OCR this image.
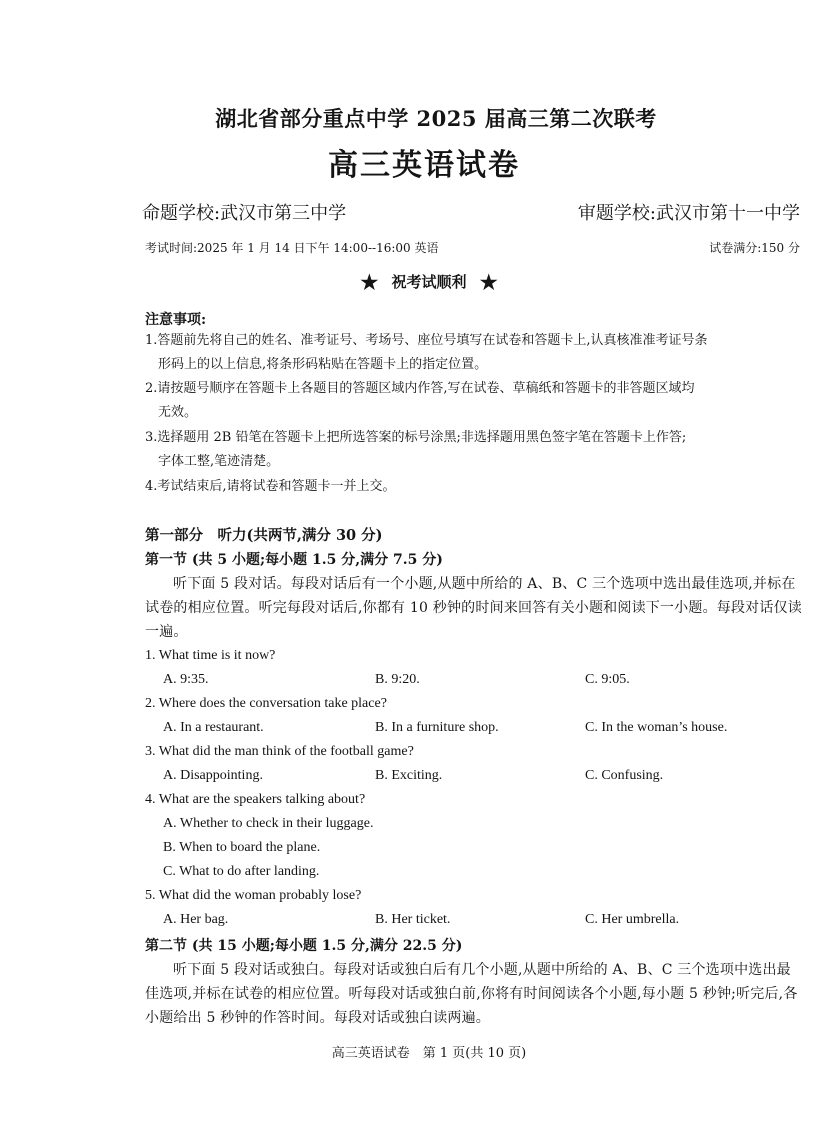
湖北省部分重点中学 2025 届高三第二次联考
高三英语试卷
命题学校:武汉市第三中学	审题学校:武汉市第十一中学
考试时间:2025 年 1 月 14 日下午 14:00--16:00 英语	试卷满分:150 分
★ 祝考试顺利 ★
注意事项:
1.答题前先将自己的姓名、准考证号、考场号、座位号填写在试卷和答题卡上,认真核准准考证号条
形码上的以上信息,将条形码粘贴在答题卡上的指定位置。
2.请按题号顺序在答题卡上各题目的答题区域内作答,写在试卷、草稿纸和答题卡的非答题区域均
无效。
3.选择题用 2B 铅笔在答题卡上把所选答案的标号涂黑;非选择题用黑色签字笔在答题卡上作答;
字体工整,笔迹清楚。
4.考试结束后,请将试卷和答题卡一并上交。
第一部分　听力(共两节,满分 30 分)
第一节 (共 5 小题;每小题 1.5 分,满分 7.5 分)
听下面 5 段对话。每段对话后有一个小题,从题中所给的 A、B、C 三个选项中选出最佳选项,并标在试卷的相应位置。听完每段对话后,你都有 10 秒钟的时间来回答有关小题和阅读下一小题。每段对话仅读一遍。
1. What time is it now?
A. 9:35.	B. 9:20.	C. 9:05.
2. Where does the conversation take place?
A. In a restaurant.	B. In a furniture shop.	C. In the woman’s house.
3. What did the man think of the football game?
A. Disappointing.	B. Exciting.	C. Confusing.
4. What are the speakers talking about?
A. Whether to check in their luggage.
B. When to board the plane.
C. What to do after landing.
5. What did the woman probably lose?
A. Her bag.	B. Her ticket.	C. Her umbrella.
第二节 (共 15 小题;每小题 1.5 分,满分 22.5 分)
听下面 5 段对话或独白。每段对话或独白后有几个小题,从题中所给的 A、B、C 三个选项中选出最佳选项,并标在试卷的相应位置。听每段对话或独白前,你将有时间阅读各个小题,每小题 5 秒钟;听完后,各小题给出 5 秒钟的作答时间。每段对话或独白读两遍。
高三英语试卷　第 1 页(共 10 页)
